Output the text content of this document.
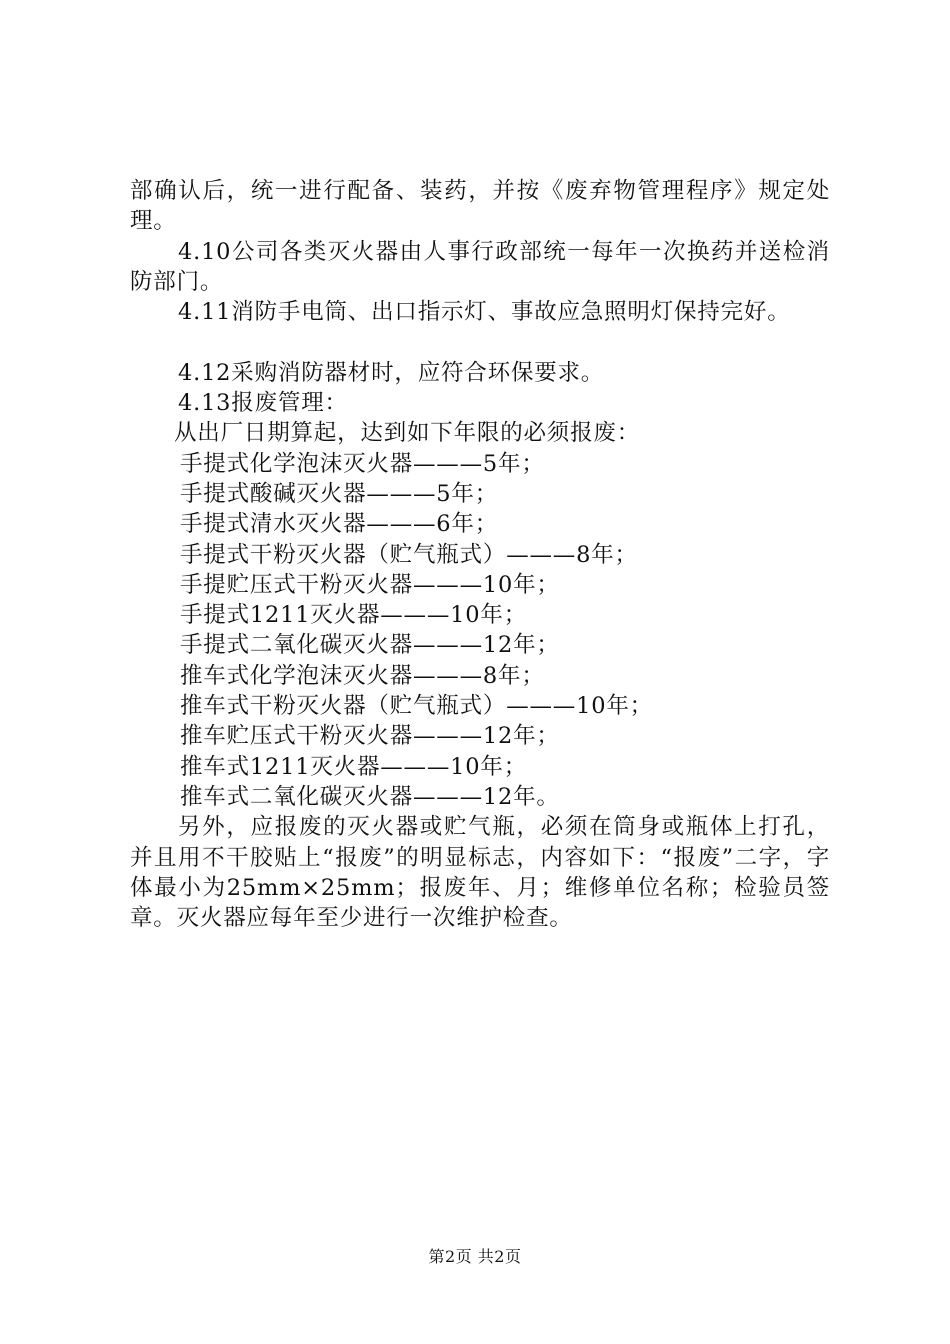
部确认后，统一进行配备、装药，并按《废弃物管理程序》规定处理。

4.10公司各类灭火器由人事行政部统一每年一次换药并送检消防部门。

4.11消防手电筒、出口指示灯、事故应急照明灯保持完好。

4.12采购消防器材时，应符合环保要求。

4.13报废管理：

从出厂日期算起，达到如下年限的必须报废：

手提式化学泡沫灭火器———5年；

手提式酸碱灭火器———5年；

手提式清水灭火器———6年；

手提式干粉灭火器（贮气瓶式）———8年；

手提贮压式干粉灭火器———10年；

手提式1211灭火器———10年；

手提式二氧化碳灭火器———12年；

推车式化学泡沫灭火器———8年；

推车式干粉灭火器（贮气瓶式）———10年；

推车贮压式干粉灭火器———12年；

推车式1211灭火器———10年；

推车式二氧化碳灭火器———12年。

另外，应报废的灭火器或贮气瓶，必须在筒身或瓶体上打孔，并且用不干胶贴上“报废”的明显标志，内容如下：“报废”二字，字体最小为25mm×25mm；报废年、月；维修单位名称；检验员签章。灭火器应每年至少进行一次维护检查。

第2页 共2页
